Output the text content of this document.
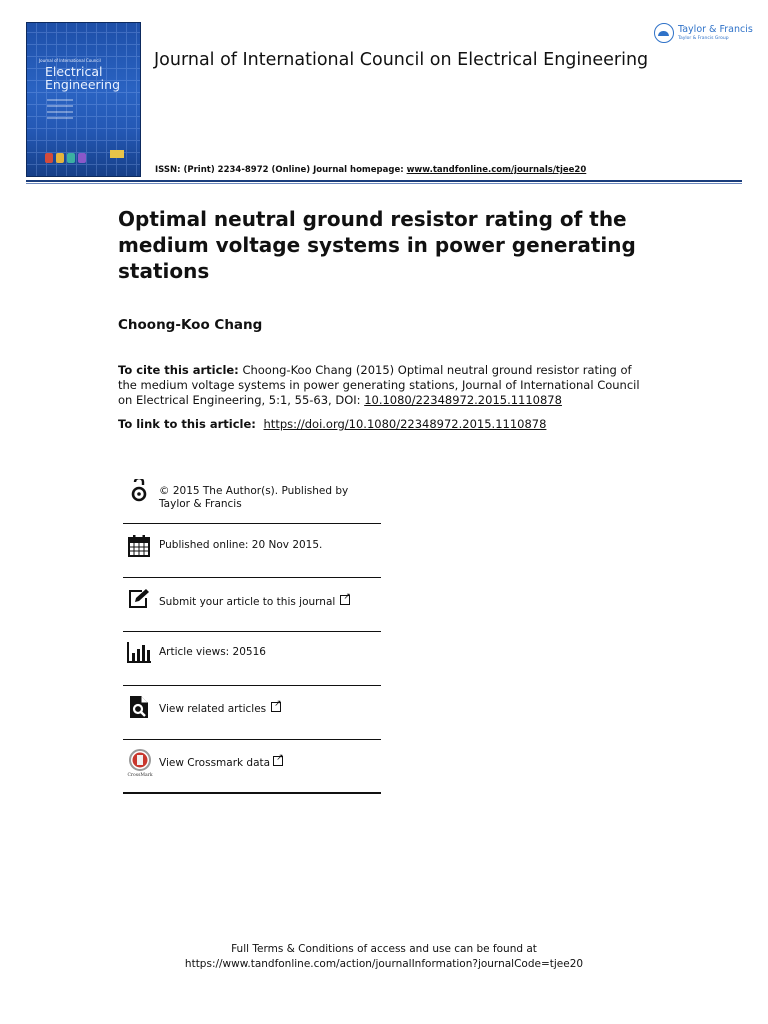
Journal of International Council
Electrical
Engineering
Journal of International Council on Electrical Engineering
ISSN: (Print) 2234-8972 (Online) Journal homepage: www.tandfonline.com/journals/tjee20
Taylor & Francis
Taylor & Francis Group
Optimal neutral ground resistor rating of the medium voltage systems in power generating stations
Choong-Koo Chang
To cite this article: Choong-Koo Chang (2015) Optimal neutral ground resistor rating of the medium voltage systems in power generating stations, Journal of International Council on Electrical Engineering, 5:1, 55-63, DOI: 10.1080/22348972.2015.1110878
To link to this article:  https://doi.org/10.1080/22348972.2015.1110878
© 2015 The Author(s). Published by Taylor & Francis
Published online: 20 Nov 2015.
Submit your article to this journal↗
Article views: 20516
View related articles↗
CrossMark
View Crossmark data↗
Full Terms & Conditions of access and use can be found at
https://www.tandfonline.com/action/journalInformation?journalCode=tjee20
